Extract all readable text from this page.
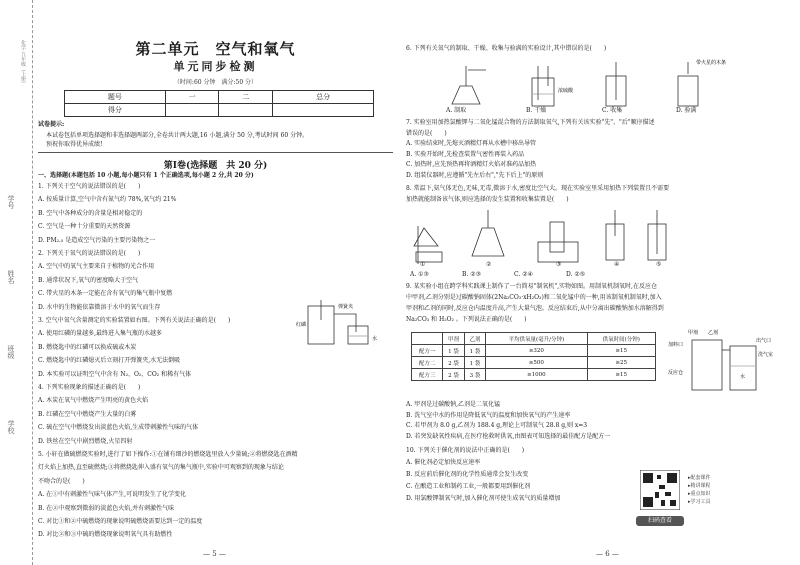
化学 九年级（上册）
学号
姓名
班级
学校
第二单元　空气和氧气
单元同步检测
（时间:60 分钟　满分:50 分）
题号	一	二	总分
得分			
试卷提示:
本试卷包括单项选择题和非选择题两部分,全卷共计两大题,16 小题,满分 50 分,考试时间 60 分钟。
预祝你取得优异成绩!
第Ⅰ卷(选择题　共 20 分)
一、选择题(本题包括 10 小题,每小题只有 1 个正确选项,每小题 2 分,共 20 分)
1. 下列关于空气的说法错误的是(　　)
A. 按质量计算,空气中含有氮气约 78%,氧气约 21%
B. 空气中各种成分的含量是相对稳定的
C. 空气是一种十分重要的天然资源
D. PM₂.₅ 是造成空气污染的主要污染物之一
2. 下列关于氧气的说法错误的是(　　)
A. 空气中的氧气主要来自于植物的光合作用
B. 通常状况下,氧气的密度略大于空气
C. 带火星的木条一定能在含有氧气的集气瓶中复燃
D. 水中的生物能依靠微溶于水中的氧气而生存
3. 空气中氧气含量测定的实验装置如右图。下列有关说法正确的是(　　)
A. 使用红磷的量越多,最终进入集气瓶的水越多
B. 燃烧匙中的红磷可以换成硫或木炭
C. 燃烧匙中的红磷熄灭后立刻打开弹簧夹,水无法倒吸
D. 本实验可以证明空气中含有 N₂、O₂、CO₂ 和稀有气体
4. 下列实验现象的描述正确的是(　　)
A. 木炭在氧气中燃烧产生明亮的黄色火焰
B. 红磷在空气中燃烧产生大量的白雾
C. 硫在空气中燃烧发出淡蓝色火焰,生成带刺激性气味的气体
D. 铁丝在空气中剧烈燃烧,火星四射
5. 小轩在做硫燃烧实验时,进行了如下操作:①在铺有细沙的燃烧匙里放入少量硫;②将燃烧匙在酒精
灯火焰上加热,直至硫燃烧;③将燃烧匙伸入盛有氧气的集气瓶中,实验中可观察到的现象与结论
不吻合的是(　　)
A. 在①中有刺激性气味气体产生,可说明发生了化学变化
B. 在②中观察到微弱的淡蓝色火焰,并有刺激性气味
C. 对比①和②中硫燃烧的现象说明硫燃烧需要达到一定的温度
D. 对比②和③中硫的燃烧现象说明氧气具有助燃性
弹簧夹
红磷
水
— 5 —
6. 下列有关氧气的制取、干燥、收集与验满的实验设计,其中错误的是(　　)
浓硫酸
带火星的木条
A. 制取	B. 干燥	C. 收集	D. 验满
7. 实验室用加热氯酸钾与二氧化锰混合物的方法制取氧气,下列有关该实验"先"、"后"顺序描述
错误的是(　　)
A. 实验结束时,先熄灭酒精灯再从水槽中移出导管
B. 实验开始时,先检查装置气密性再装入药品
C. 加热时,应先预热再将酒精灯火焰对准药品加热
D. 组装仪器时,应遵循"先左后右","先下后上"的原则
8. 常温下,氨气体无色,无味,无毒,微溶于水,密度比空气大。现在实验室里采用加热下列装置且不需要
加热就能制备该气体,则应选择的发生装置和收集装置是(　　)
A. ①③	B. ②③	C. ②④	D. ②⑤
①	②	③	④	⑤
9. 某实验小组在跨学科实践课上制作了一台简易"制氧机",实物如图。用制氧机制氧时,在反应仓
中甲剂,乙剂分别是过碳酸钠固体(2Na₂CO₃·xH₂O₂)和二氧化锰中的一种,用该制氧机制氧时,加入
甲剂和乙剂的同时,反应仓内温度升高,产生大量气泡。反应结束后,从中分离出碳酸钠加水溶解得到
Na₂CO₃ 和 H₂O₂ 。下列说法正确的是(　　)
	甲剂	乙剂	平均供氧量(毫升/分钟)	供氧时间(分钟)
配方一	1 袋	1 袋	≥320	≥15
配方二	2 袋	1 袋	≥500	≥25
配方三	2 袋	3 袋	≥1000	≥15
甲剂 乙剂
加料口
出气口
洗气室
反应仓
水
A. 甲剂是过碳酸钠,乙剂是二氧化锰
B. 洗气室中水的作用是降低氧气的温度和加快氧气的产生速率
C. 若甲剂为 8.0 g,乙剂为 188.4 g,理论上可制氧气 28.8 g,则 x=3
D. 若突发缺氧性疾病,在医疗抢救时供氧,由图表可知选择的最佳配方是配方一
10. 下列关于催化剂的说法中正确的是(　　)
A. 催化剂必定加快反应速率
B. 反应前后催化剂的化学性质通常会发生改变
C. 在酿造工业和制药工业,一般都要用到催化剂
D. 用氯酸钾制氧气时,加入催化剂可使生成氧气的质量增加
— 6 —
▸配套课件
▸精讲课程
▸重点知识
▸学习工具
扫码查看
